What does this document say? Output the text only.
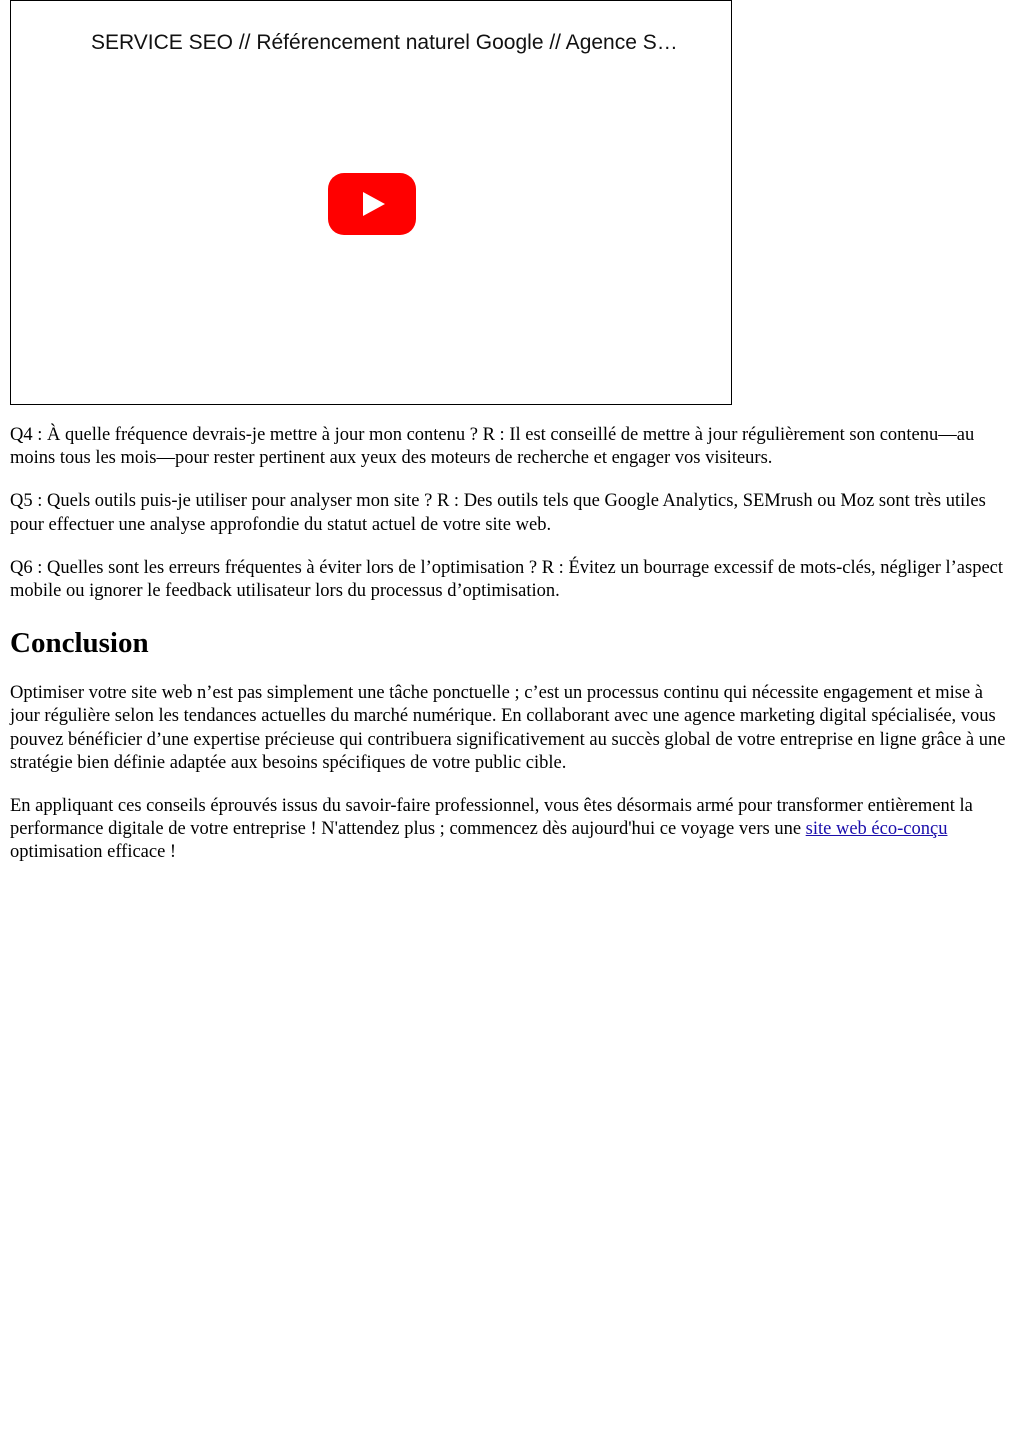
SERVICE SEO // Référencement naturel Google // Agence S…

Q4 : À quelle fréquence devrais-je mettre à jour mon contenu ? R : Il est conseillé de mettre à jour régulièrement son contenu—au moins tous les mois—pour rester pertinent aux yeux des moteurs de recherche et engager vos visiteurs.

Q5 : Quels outils puis-je utiliser pour analyser mon site ? R : Des outils tels que Google Analytics, SEMrush ou Moz sont très utiles pour effectuer une analyse approfondie du statut actuel de votre site web.

Q6 : Quelles sont les erreurs fréquentes à éviter lors de l’optimisation ? R : Évitez un bourrage excessif de mots-clés, négliger l’aspect mobile ou ignorer le feedback utilisateur lors du processus d’optimisation.

Conclusion

Optimiser votre site web n’est pas simplement une tâche ponctuelle ; c’est un processus continu qui nécessite engagement et mise à jour régulière selon les tendances actuelles du marché numérique. En collaborant avec une agence marketing digital spécialisée, vous pouvez bénéficier d’une expertise précieuse qui contribuera significativement au succès global de votre entreprise en ligne grâce à une stratégie bien définie adaptée aux besoins spécifiques de votre public cible.

En appliquant ces conseils éprouvés issus du savoir-faire professionnel, vous êtes désormais armé pour transformer entièrement la performance digitale de votre entreprise ! N'attendez plus ; commencez dès aujourd'hui ce voyage vers une site web éco-conçu optimisation efficace !
